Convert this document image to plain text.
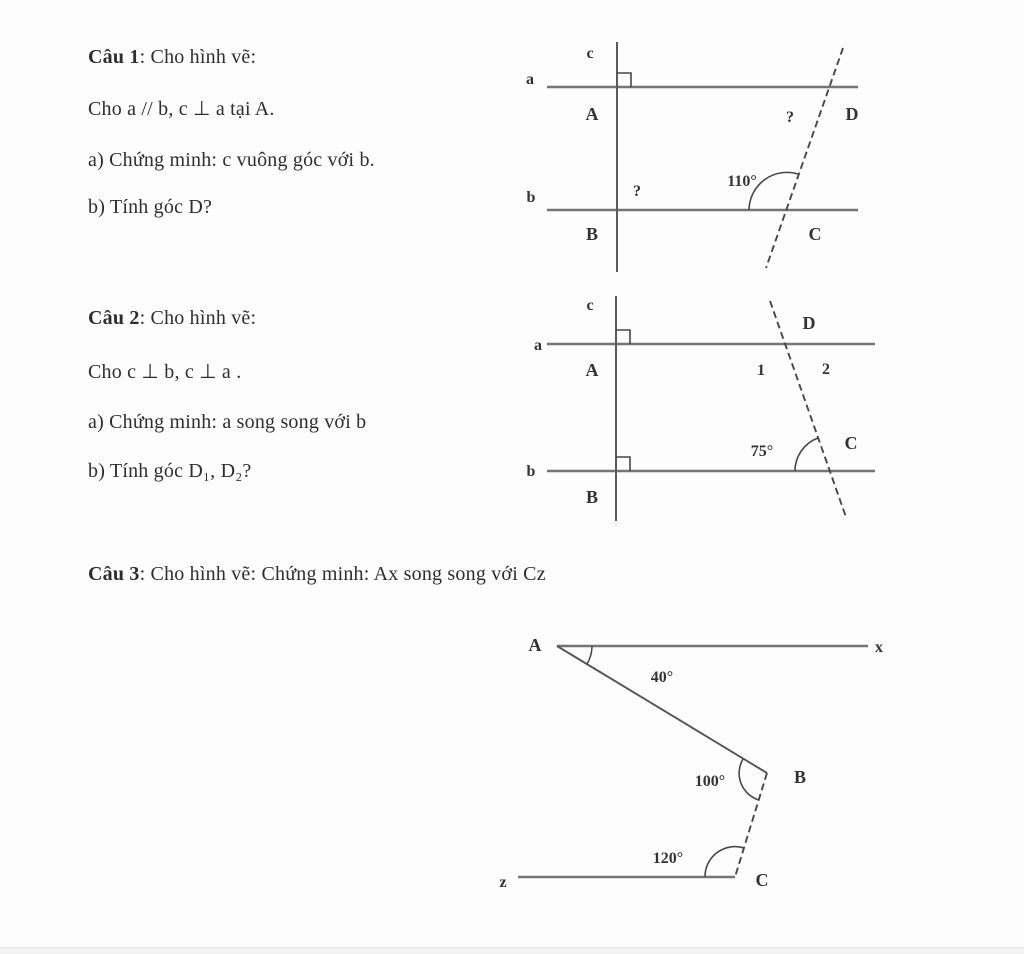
Câu 1: Cho hình vẽ:
Cho a // b, c ⊥ a tại A.
a) Chứng minh: c vuông góc với b.
b) Tính góc D?
Câu 2: Cho hình vẽ:
Cho c ⊥ b, c ⊥ a .
a) Chứng minh: a song song với b
b) Tính góc D₁, D₂?
Câu 3: Cho hình vẽ: Chứng minh: Ax song song với Cz
c
a
b
A
B	C
D
?
?
110°
c
a
b
A
B
C
D
1	2
75°
A	x
B
C
z
40°
100°
120°
